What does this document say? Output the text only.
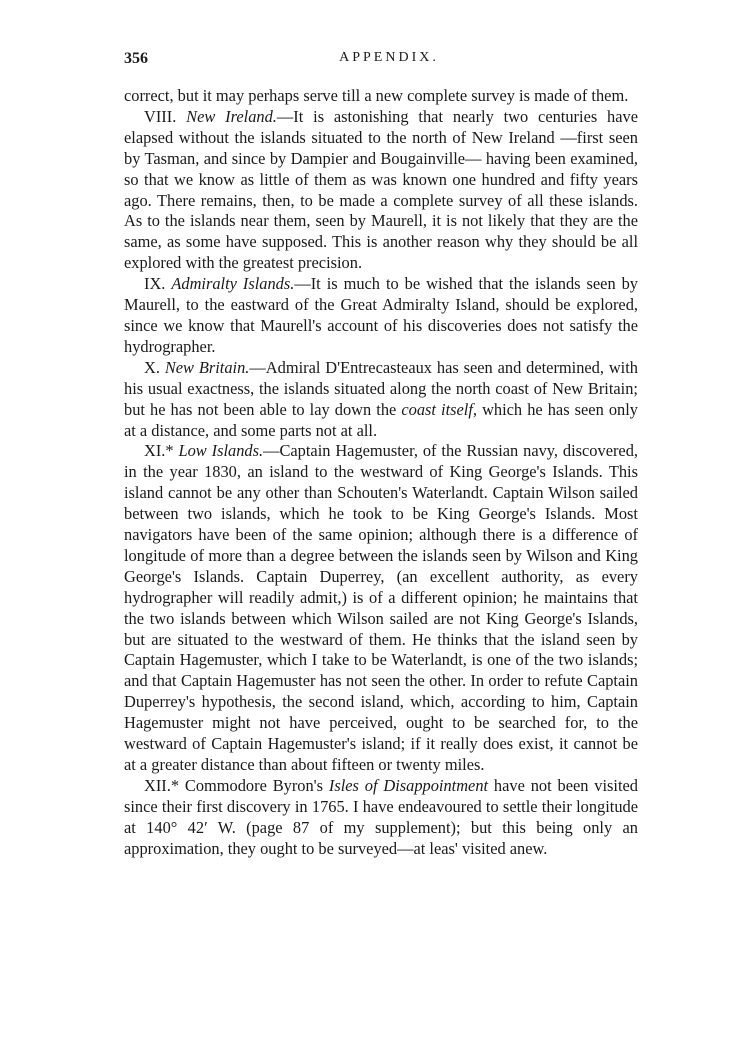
356	APPENDIX.

correct, but it may perhaps serve till a new complete survey is made of them.

VIII. New Ireland.—It is astonishing that nearly two centuries have elapsed without the islands situated to the north of New Ireland —first seen by Tasman, and since by Dampier and Bougainville— having been examined, so that we know as little of them as was known one hundred and fifty years ago. There remains, then, to be made a complete survey of all these islands. As to the islands near them, seen by Maurell, it is not likely that they are the same, as some have supposed. This is another reason why they should be all explored with the greatest precision.

IX. Admiralty Islands.—It is much to be wished that the islands seen by Maurell, to the eastward of the Great Admiralty Island, should be explored, since we know that Maurell's account of his discoveries does not satisfy the hydrographer.

X. New Britain.—Admiral D'Entrecasteaux has seen and determined, with his usual exactness, the islands situated along the north coast of New Britain; but he has not been able to lay down the coast itself, which he has seen only at a distance, and some parts not at all.

XI.* Low Islands.—Captain Hagemuster, of the Russian navy, discovered, in the year 1830, an island to the westward of King George's Islands. This island cannot be any other than Schouten's Waterlandt. Captain Wilson sailed between two islands, which he took to be King George's Islands. Most navigators have been of the same opinion; although there is a difference of longitude of more than a degree between the islands seen by Wilson and King George's Islands. Captain Duperrey, (an excellent authority, as every hydrographer will readily admit,) is of a different opinion; he maintains that the two islands between which Wilson sailed are not King George's Islands, but are situated to the westward of them. He thinks that the island seen by Captain Hagemuster, which I take to be Waterlandt, is one of the two islands; and that Captain Hagemuster has not seen the other. In order to refute Captain Duperrey's hypothesis, the second island, which, according to him, Captain Hagemuster might not have perceived, ought to be searched for, to the westward of Captain Hagemuster's island; if it really does exist, it cannot be at a greater distance than about fifteen or twenty miles.

XII.* Commodore Byron's Isles of Disappointment have not been visited since their first discovery in 1765. I have endeavoured to settle their longitude at 140° 42′ W. (page 87 of my supplement); but this being only an approximation, they ought to be surveyed—at leas' visited anew.
